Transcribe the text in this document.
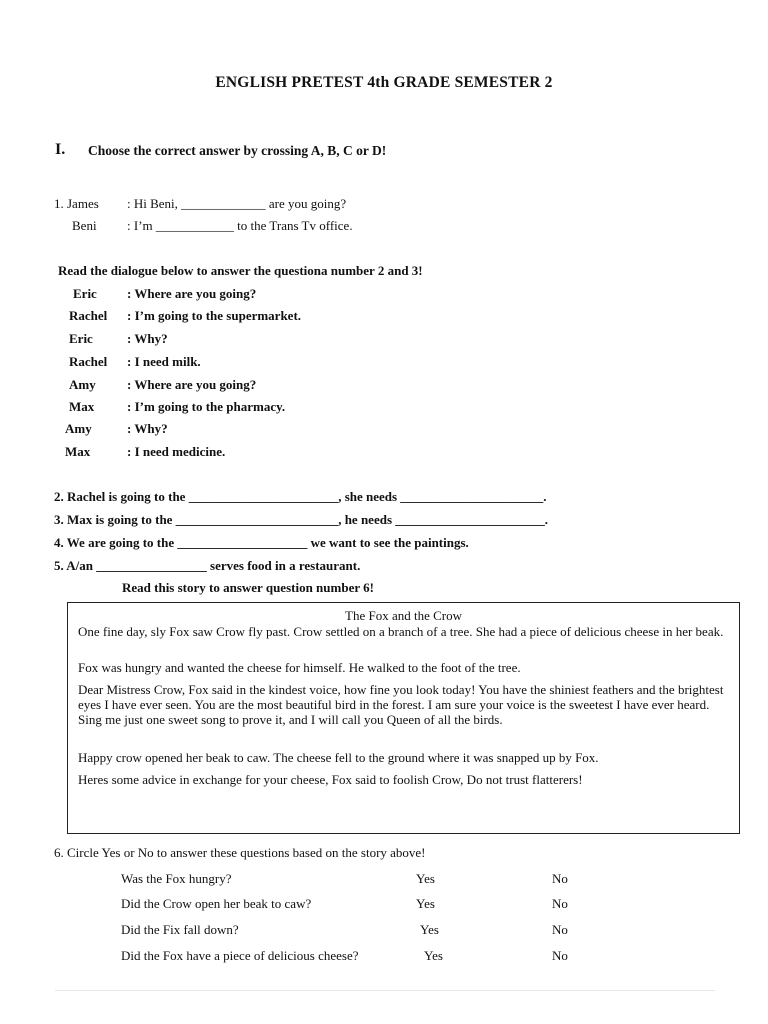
ENGLISH PRETEST 4th GRADE SEMESTER 2
I. Choose the correct answer by crossing A, B, C or D!
1. James : Hi Beni, _____________ are you going?
Beni : I’m ____________ to the Trans Tv office.
Read the dialogue below to answer the questiona number 2 and 3!
Eric : Where are you going?
Rachel : I’m going to the supermarket.
Eric	: Why?
Rachel : I need milk.
Amy : Where are you going?
Max	: I’m going to the pharmacy.
Amy	: Why?
Max	: I need medicine.
2. Rachel is going to the _______________________, she needs ______________________.
3. Max is going to the _________________________, he needs _______________________.
4. We are going to the ____________________ we want to see the paintings.
5. A/an _________________ serves food in a restaurant.
Read this story to answer question number 6!
The Fox and the Crow
One fine day, sly Fox saw Crow fly past. Crow settled on a branch of a tree. She had a piece of delicious cheese in her beak.
Fox was hungry and wanted the cheese for himself. He walked to the foot of the tree.
Dear Mistress Crow, Fox said in the kindest voice, how fine you look today! You have the shiniest feathers and the brightest eyes I have ever seen. You are the most beautiful bird in the forest. I am sure your voice is the sweetest I have ever heard. Sing me just one sweet song to prove it, and I will call you Queen of all the birds.
Happy crow opened her beak to caw. The cheese fell to the ground where it was snapped up by Fox.
Heres some advice in exchange for your cheese, Fox said to foolish Crow, Do not trust flatterers!
6. Circle Yes or No to answer these questions based on the story above!
Was the Fox hungry?	Yes	No
Did the Crow open her beak to caw?	Yes	No
Did the Fix fall down?	Yes	No
Did the Fox have a piece of delicious cheese?	Yes	No
